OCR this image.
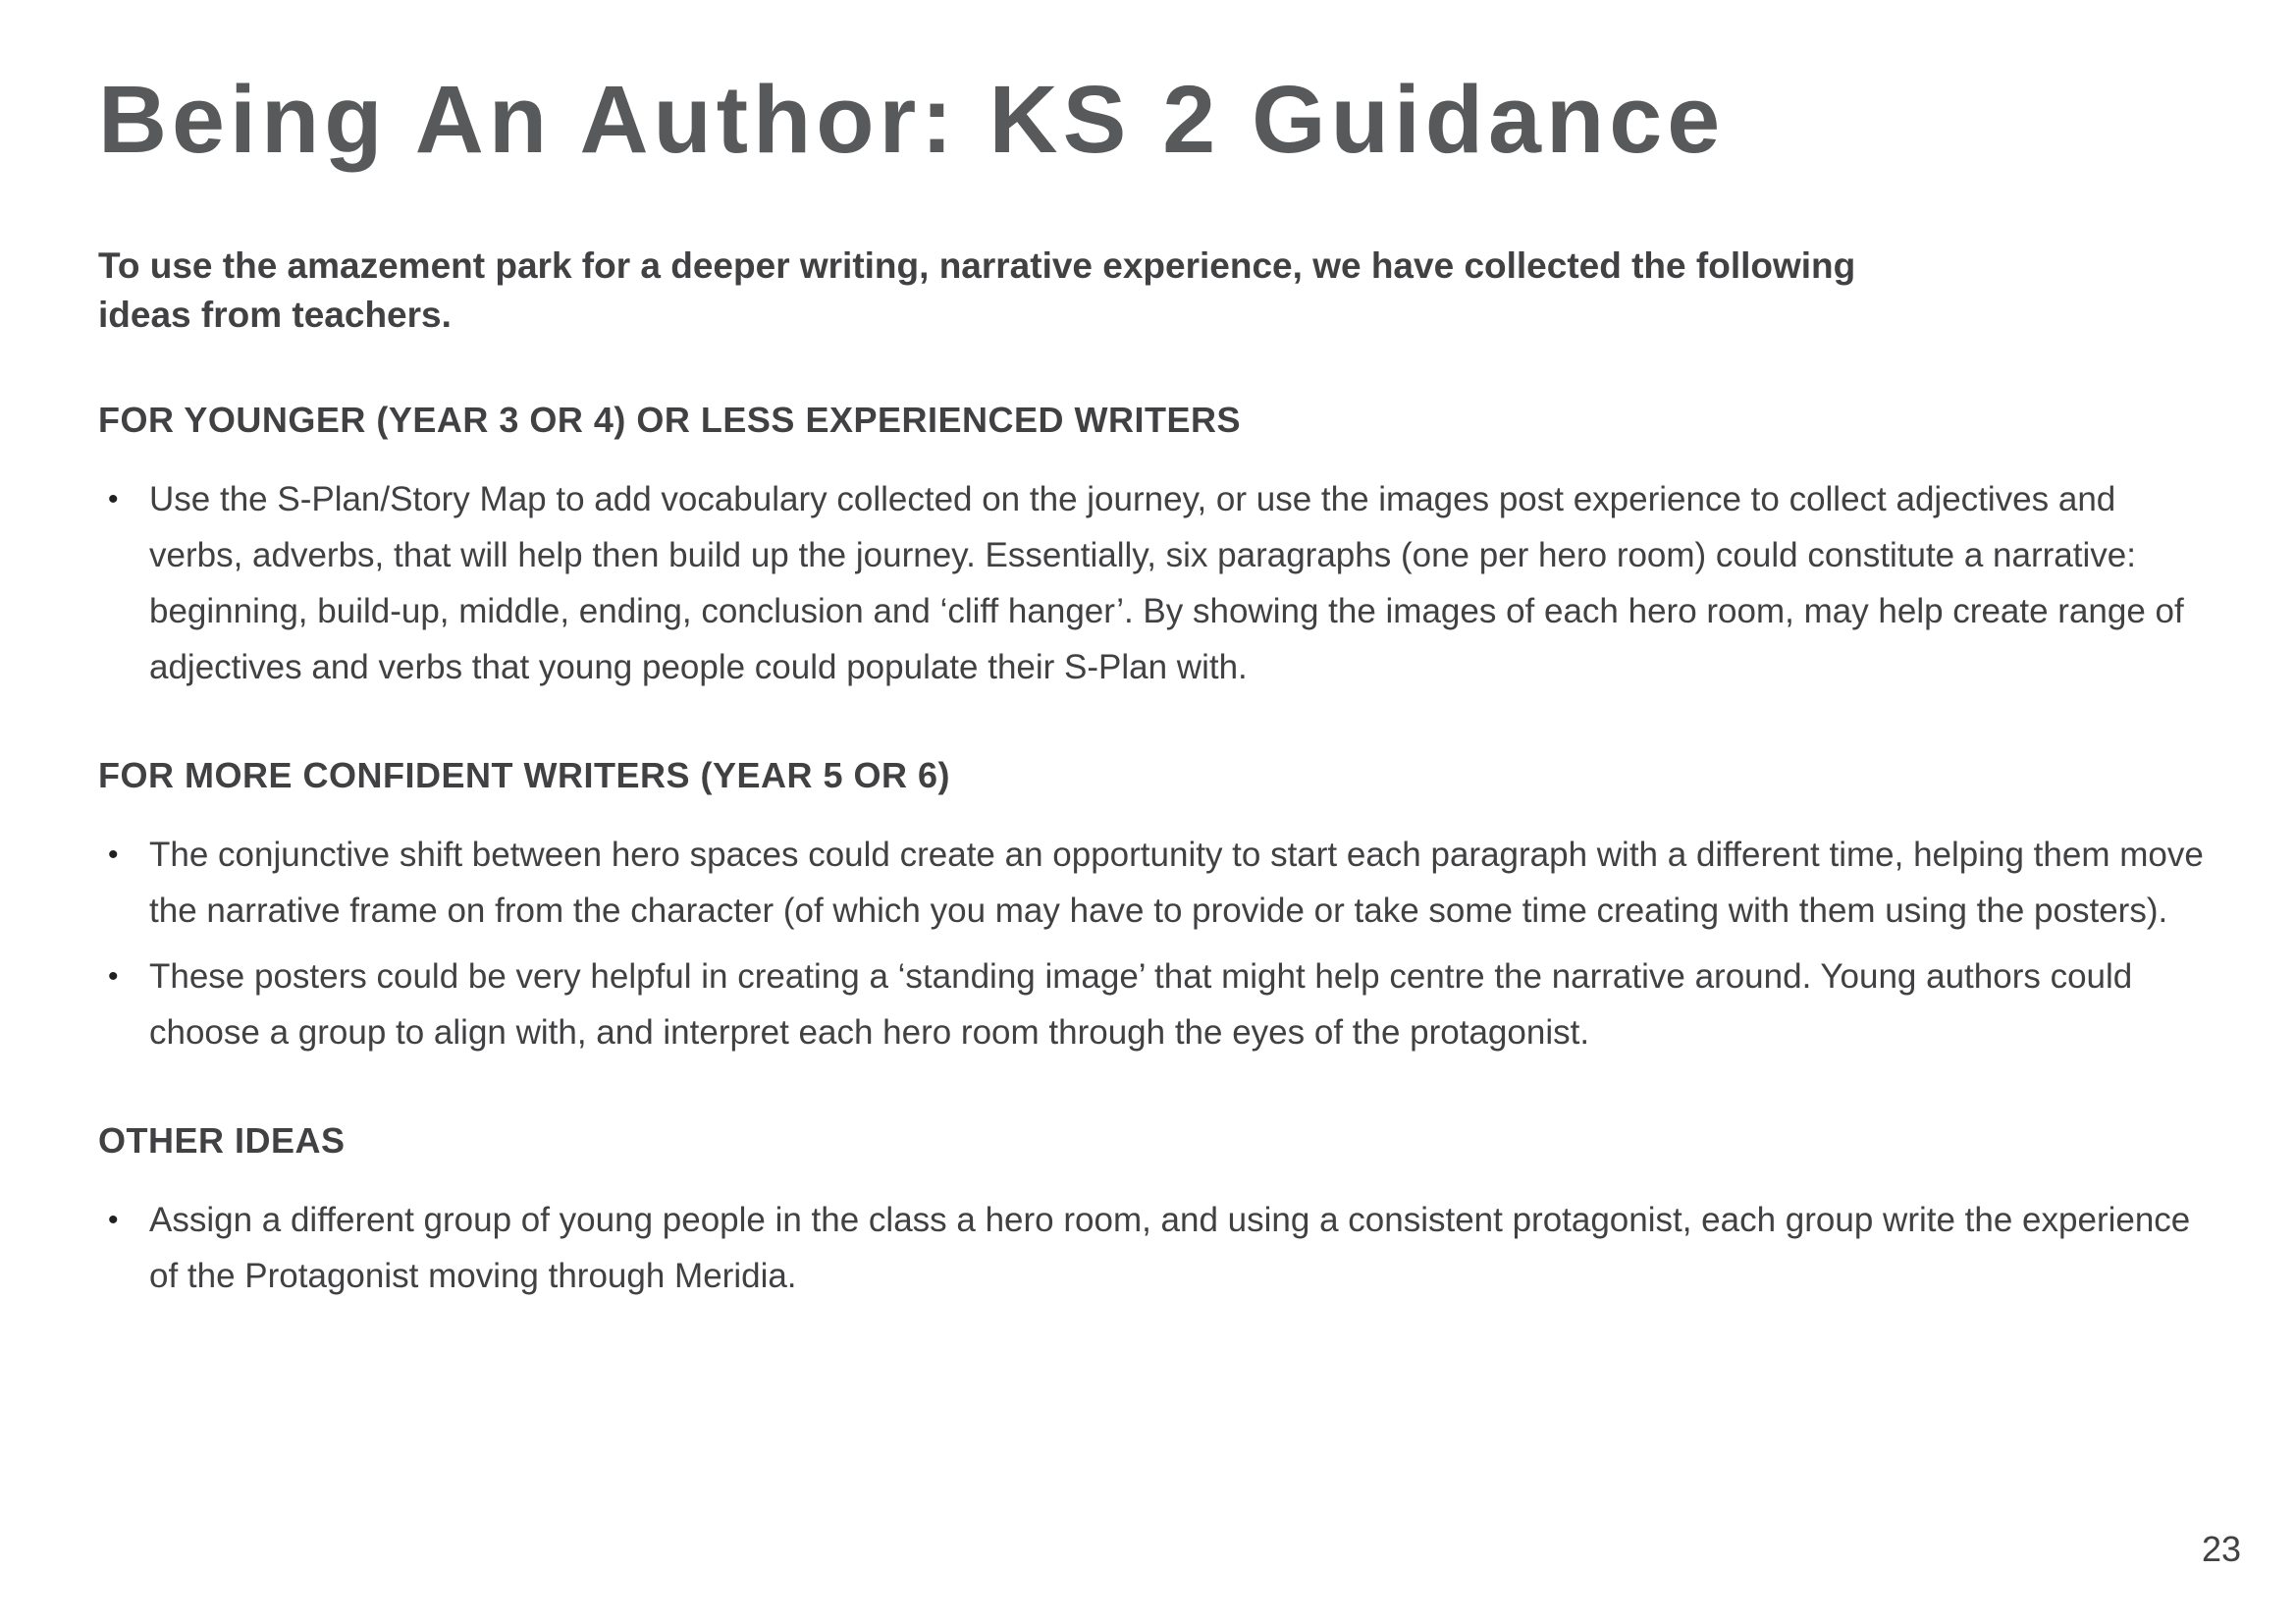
Being An Author: KS 2 Guidance

To use the amazement park for a deeper writing, narrative experience, we have collected the following ideas from teachers.

FOR YOUNGER (YEAR 3 OR 4) OR LESS EXPERIENCED WRITERS
• Use the S-Plan/Story Map to add vocabulary collected on the journey, or use the images post experience to collect adjectives and verbs, adverbs, that will help then build up the journey. Essentially, six paragraphs (one per hero room) could constitute a narrative: beginning, build-up, middle, ending, conclusion and ‘cliff hanger’. By showing the images of each hero room, may help create range of adjectives and verbs that young people could populate their S-Plan with.
FOR MORE CONFIDENT WRITERS (YEAR 5 OR 6)
• The conjunctive shift between hero spaces could create an opportunity to start each paragraph with a different time, helping them move the narrative frame on from the character (of which you may have to provide or take some time creating with them using the posters).
• These posters could be very helpful in creating a ‘standing image’ that might help centre the narrative around. Young authors could choose a group to align with, and interpret each hero room through the eyes of the protagonist.
OTHER IDEAS
• Assign a different group of young people in the class a hero room, and using a consistent protagonist, each group write the experience of the Protagonist moving through Meridia.
23
